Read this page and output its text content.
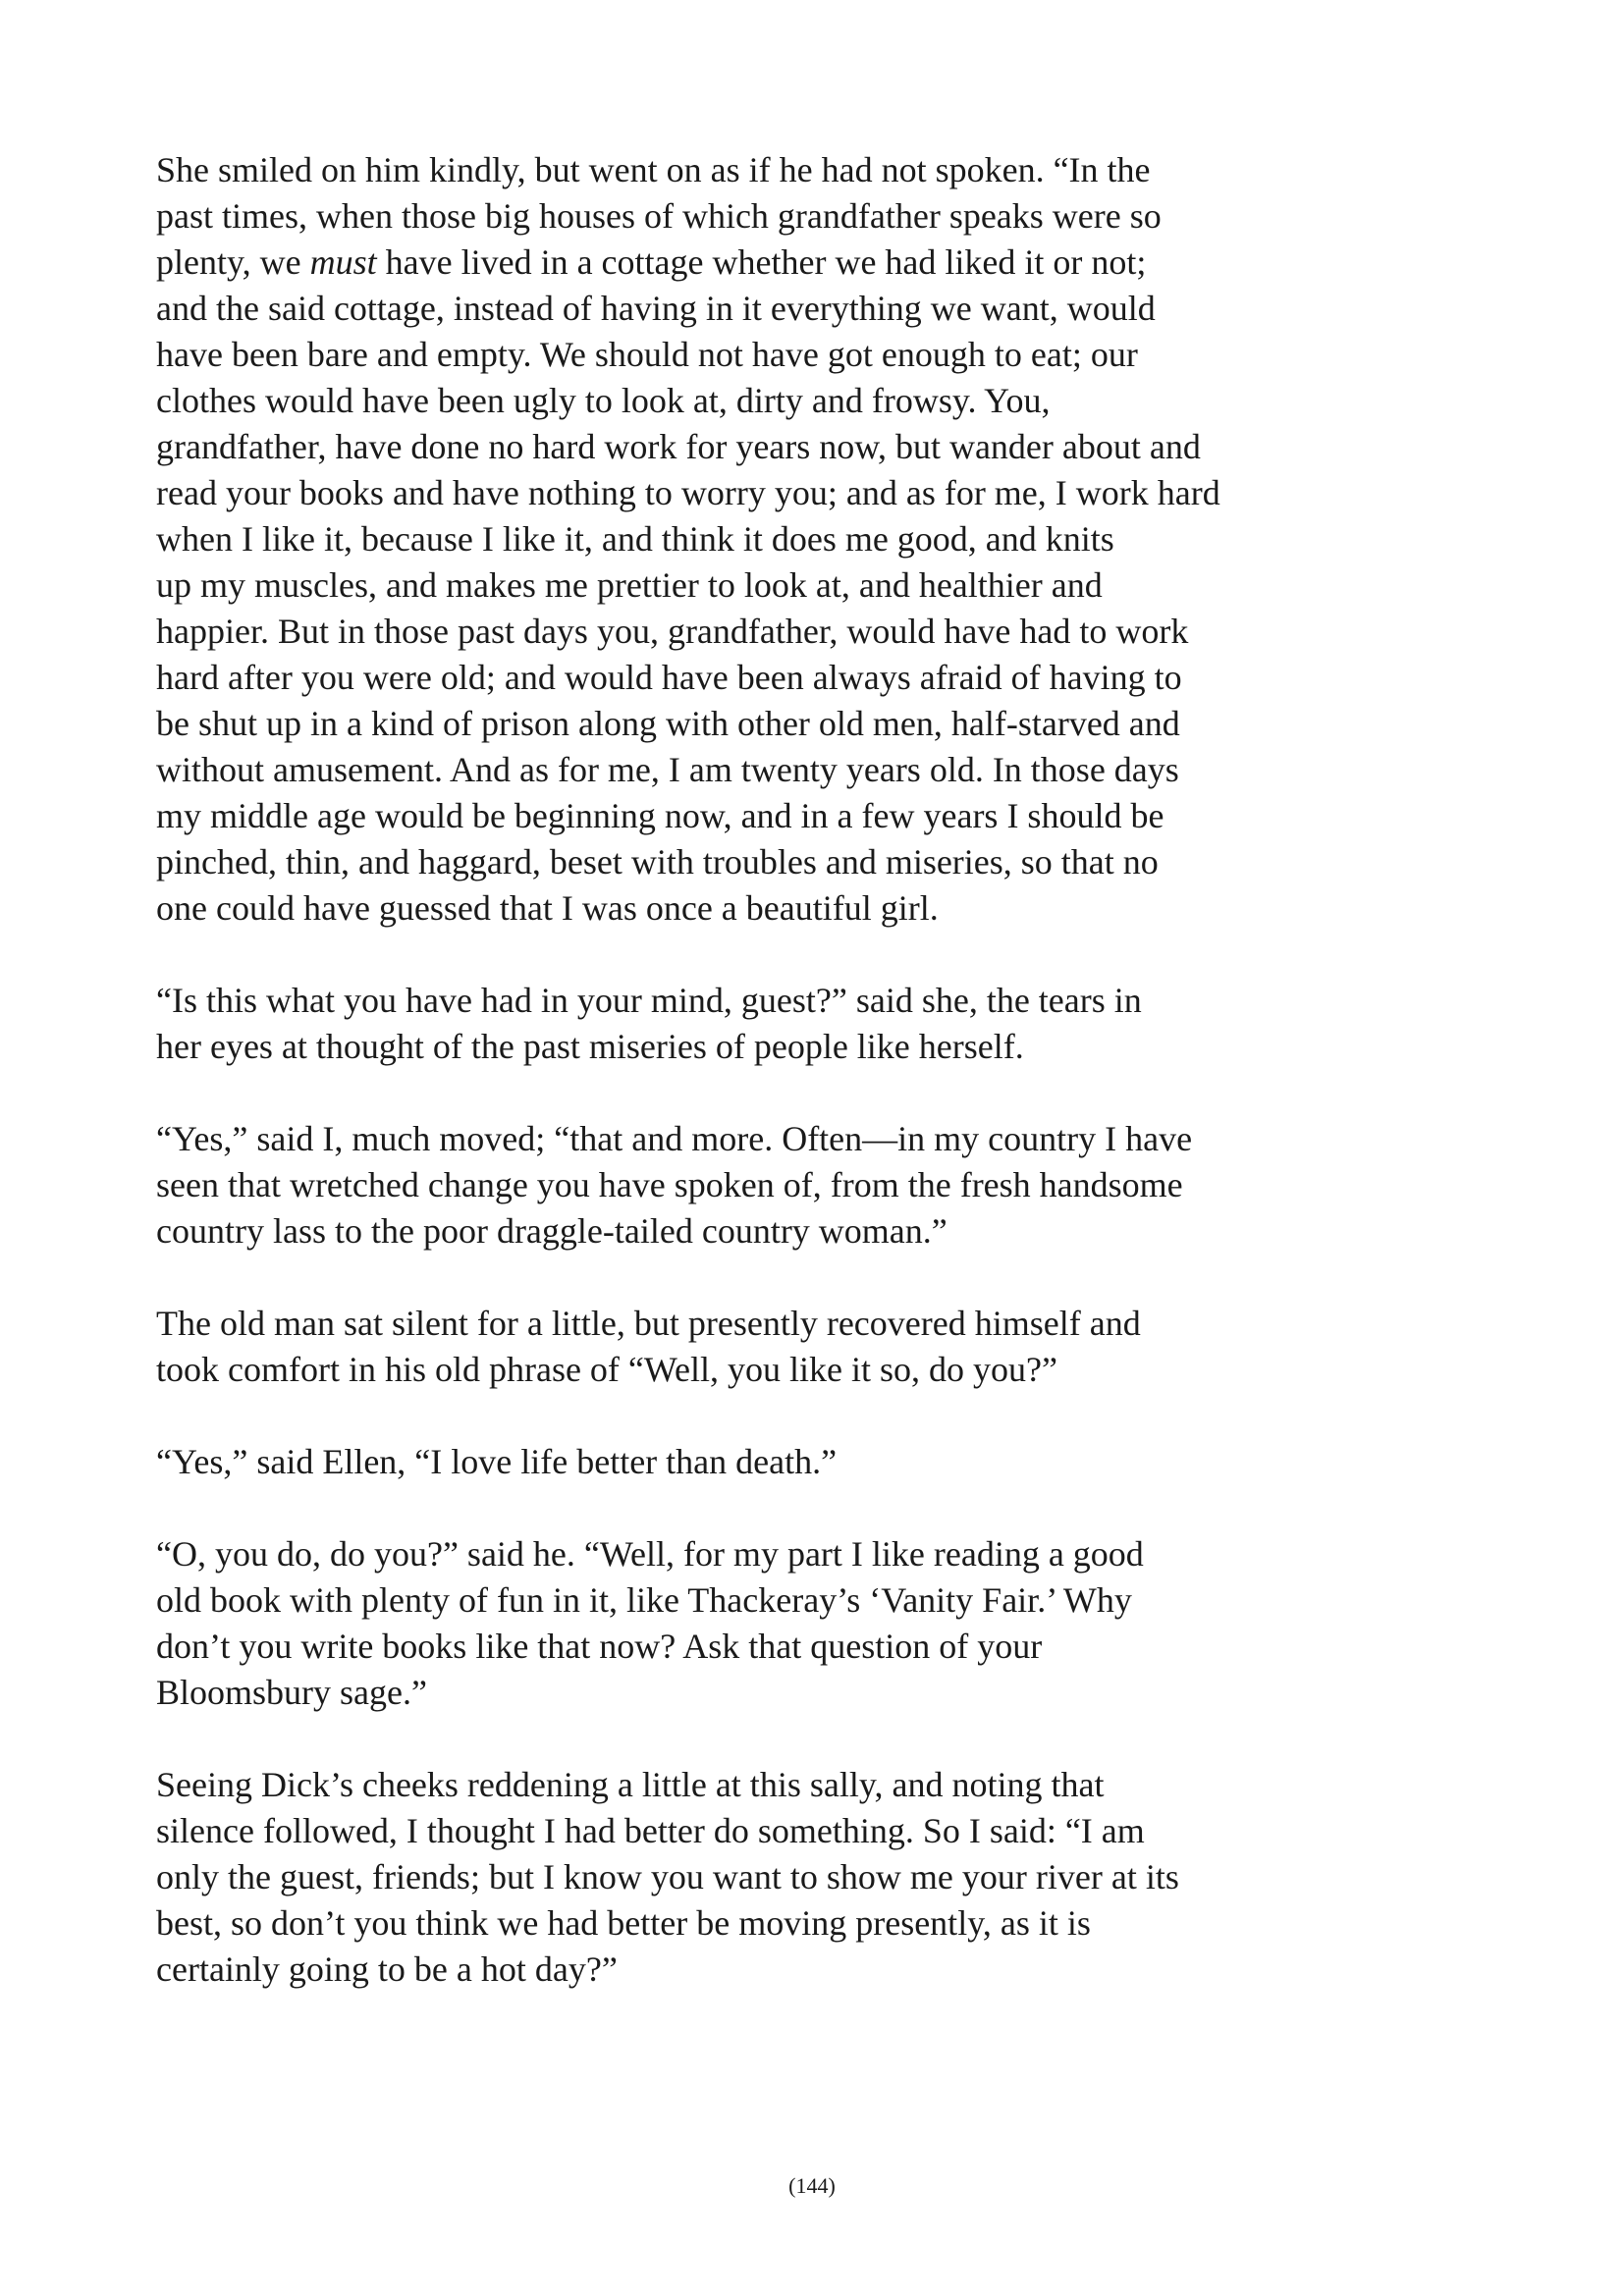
She smiled on him kindly, but went on as if he had not spoken. “In the
past times, when those big houses of which grandfather speaks were so
plenty, we must have lived in a cottage whether we had liked it or not;
and the said cottage, instead of having in it everything we want, would
have been bare and empty. We should not have got enough to eat; our
clothes would have been ugly to look at, dirty and frowsy. You,
grandfather, have done no hard work for years now, but wander about and
read your books and have nothing to worry you; and as for me, I work hard
when I like it, because I like it, and think it does me good, and knits
up my muscles, and makes me prettier to look at, and healthier and
happier. But in those past days you, grandfather, would have had to work
hard after you were old; and would have been always afraid of having to
be shut up in a kind of prison along with other old men, half-starved and
without amusement. And as for me, I am twenty years old. In those days
my middle age would be beginning now, and in a few years I should be
pinched, thin, and haggard, beset with troubles and miseries, so that no
one could have guessed that I was once a beautiful girl.

“Is this what you have had in your mind, guest?” said she, the tears in
her eyes at thought of the past miseries of people like herself.

“Yes,” said I, much moved; “that and more. Often—in my country I have
seen that wretched change you have spoken of, from the fresh handsome
country lass to the poor draggle-tailed country woman.”

The old man sat silent for a little, but presently recovered himself and
took comfort in his old phrase of “Well, you like it so, do you?”

“Yes,” said Ellen, “I love life better than death.”

“O, you do, do you?” said he. “Well, for my part I like reading a good
old book with plenty of fun in it, like Thackeray’s ‘Vanity Fair.’ Why
don’t you write books like that now? Ask that question of your
Bloomsbury sage.”

Seeing Dick’s cheeks reddening a little at this sally, and noting that
silence followed, I thought I had better do something. So I said: “I am
only the guest, friends; but I know you want to show me your river at its
best, so don’t you think we had better be moving presently, as it is
certainly going to be a hot day?”

(144)
